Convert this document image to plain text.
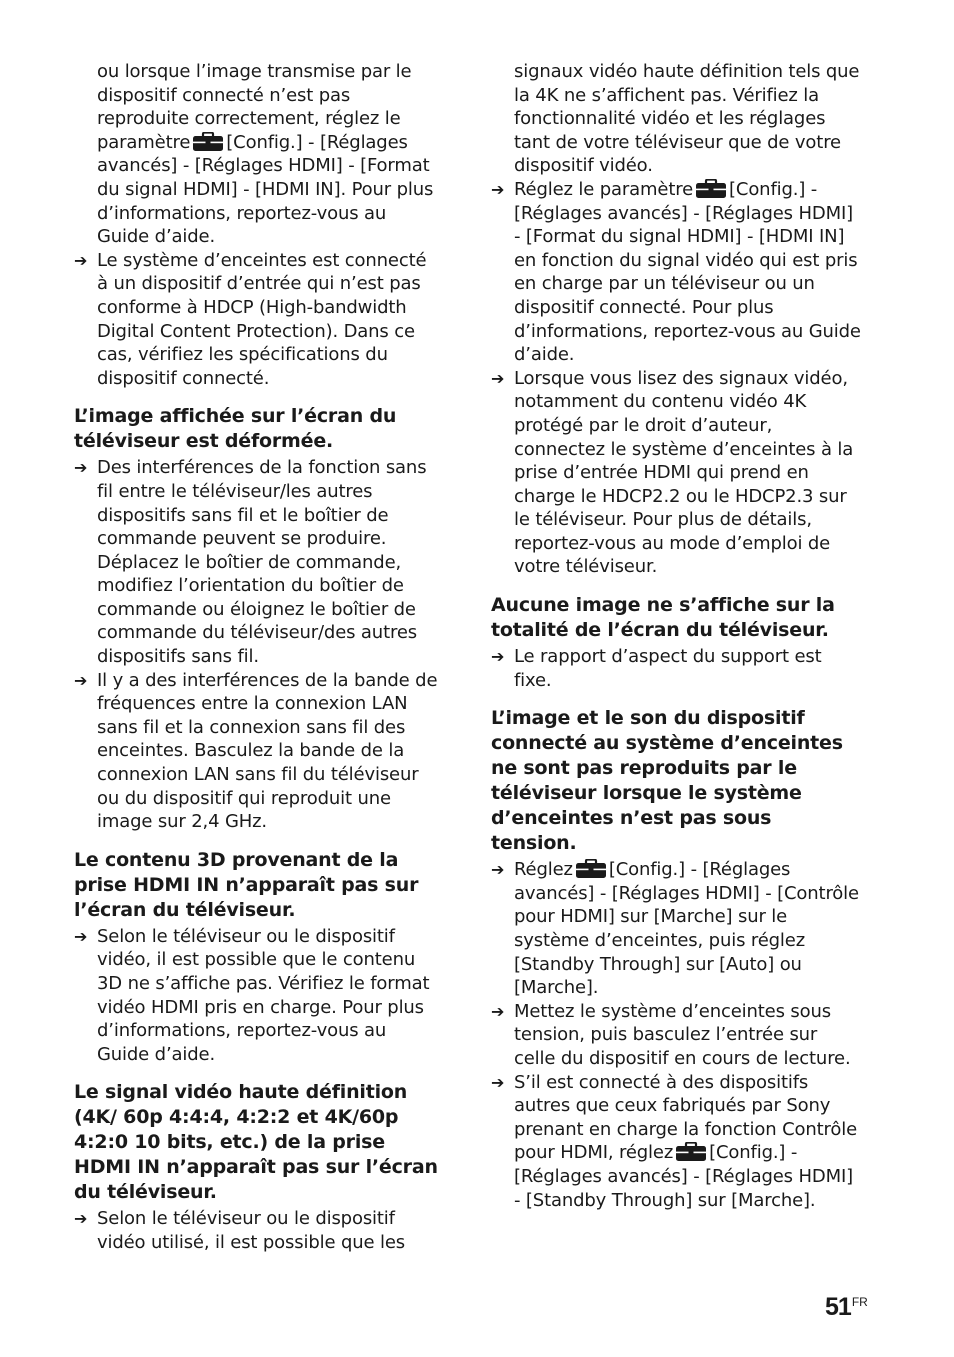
ou lorsque l’image transmise par le dispositif connecté n’est pas reproduite correctement, réglez le paramètre [Config.] - [Réglages avancés] - [Réglages HDMI] - [Format du signal HDMI] - [HDMI IN]. Pour plus d’informations, reportez-vous au Guide d’aide.

➔ Le système d’enceintes est connecté à un dispositif d’entrée qui n’est pas conforme à HDCP (High-bandwidth Digital Content Protection). Dans ce cas, vérifiez les spécifications du dispositif connecté.
L’image affichée sur l’écran du téléviseur est déformée.
➔ Des interférences de la fonction sans fil entre le téléviseur/les autres dispositifs sans fil et le boîtier de commande peuvent se produire. Déplacez le boîtier de commande, modifiez l’orientation du boîtier de commande ou éloignez le boîtier de commande du téléviseur/des autres dispositifs sans fil.
➔ Il y a des interférences de la bande de fréquences entre la connexion LAN sans fil et la connexion sans fil des enceintes. Basculez la bande de la connexion LAN sans fil du téléviseur ou du dispositif qui reproduit une image sur 2,4 GHz.
Le contenu 3D provenant de la prise HDMI IN n’apparaît pas sur l’écran du téléviseur.
➔ Selon le téléviseur ou le dispositif vidéo, il est possible que le contenu 3D ne s’affiche pas. Vérifiez le format vidéo HDMI pris en charge. Pour plus d’informations, reportez-vous au Guide d’aide.
Le signal vidéo haute définition (4K/ 60p 4:4:4, 4:2:2 et 4K/60p 4:2:0 10 bits, etc.) de la prise HDMI IN n’apparaît pas sur l’écran du téléviseur.
➔ Selon le téléviseur ou le dispositif vidéo utilisé, il est possible que les

signaux vidéo haute définition tels que la 4K ne s’affichent pas. Vérifiez la fonctionnalité vidéo et les réglages tant de votre téléviseur que de votre dispositif vidéo.

➔ Réglez le paramètre [Config.] - [Réglages avancés] - [Réglages HDMI] - [Format du signal HDMI] - [HDMI IN] en fonction du signal vidéo qui est pris en charge par un téléviseur ou un dispositif connecté. Pour plus d’informations, reportez-vous au Guide d’aide.
➔ Lorsque vous lisez des signaux vidéo, notamment du contenu vidéo 4K protégé par le droit d’auteur, connectez le système d’enceintes à la prise d’entrée HDMI qui prend en charge le HDCP2.2 ou le HDCP2.3 sur le téléviseur. Pour plus de détails, reportez-vous au mode d’emploi de votre téléviseur.
Aucune image ne s’affiche sur la totalité de l’écran du téléviseur.
➔ Le rapport d’aspect du support est fixe.
L’image et le son du dispositif connecté au système d’enceintes ne sont pas reproduits par le téléviseur lorsque le système d’enceintes n’est pas sous tension.
➔ Réglez [Config.] - [Réglages avancés] - [Réglages HDMI] - [Contrôle pour HDMI] sur [Marche] sur le système d’enceintes, puis réglez [Standby Through] sur [Auto] ou [Marche].
➔ Mettez le système d’enceintes sous tension, puis basculez l’entrée sur celle du dispositif en cours de lecture.
➔ S’il est connecté à des dispositifs autres que ceux fabriqués par Sony prenant en charge la fonction Contrôle pour HDMI, réglez [Config.] - [Réglages avancés] - [Réglages HDMI] - [Standby Through] sur [Marche].
$51^{FR}$
